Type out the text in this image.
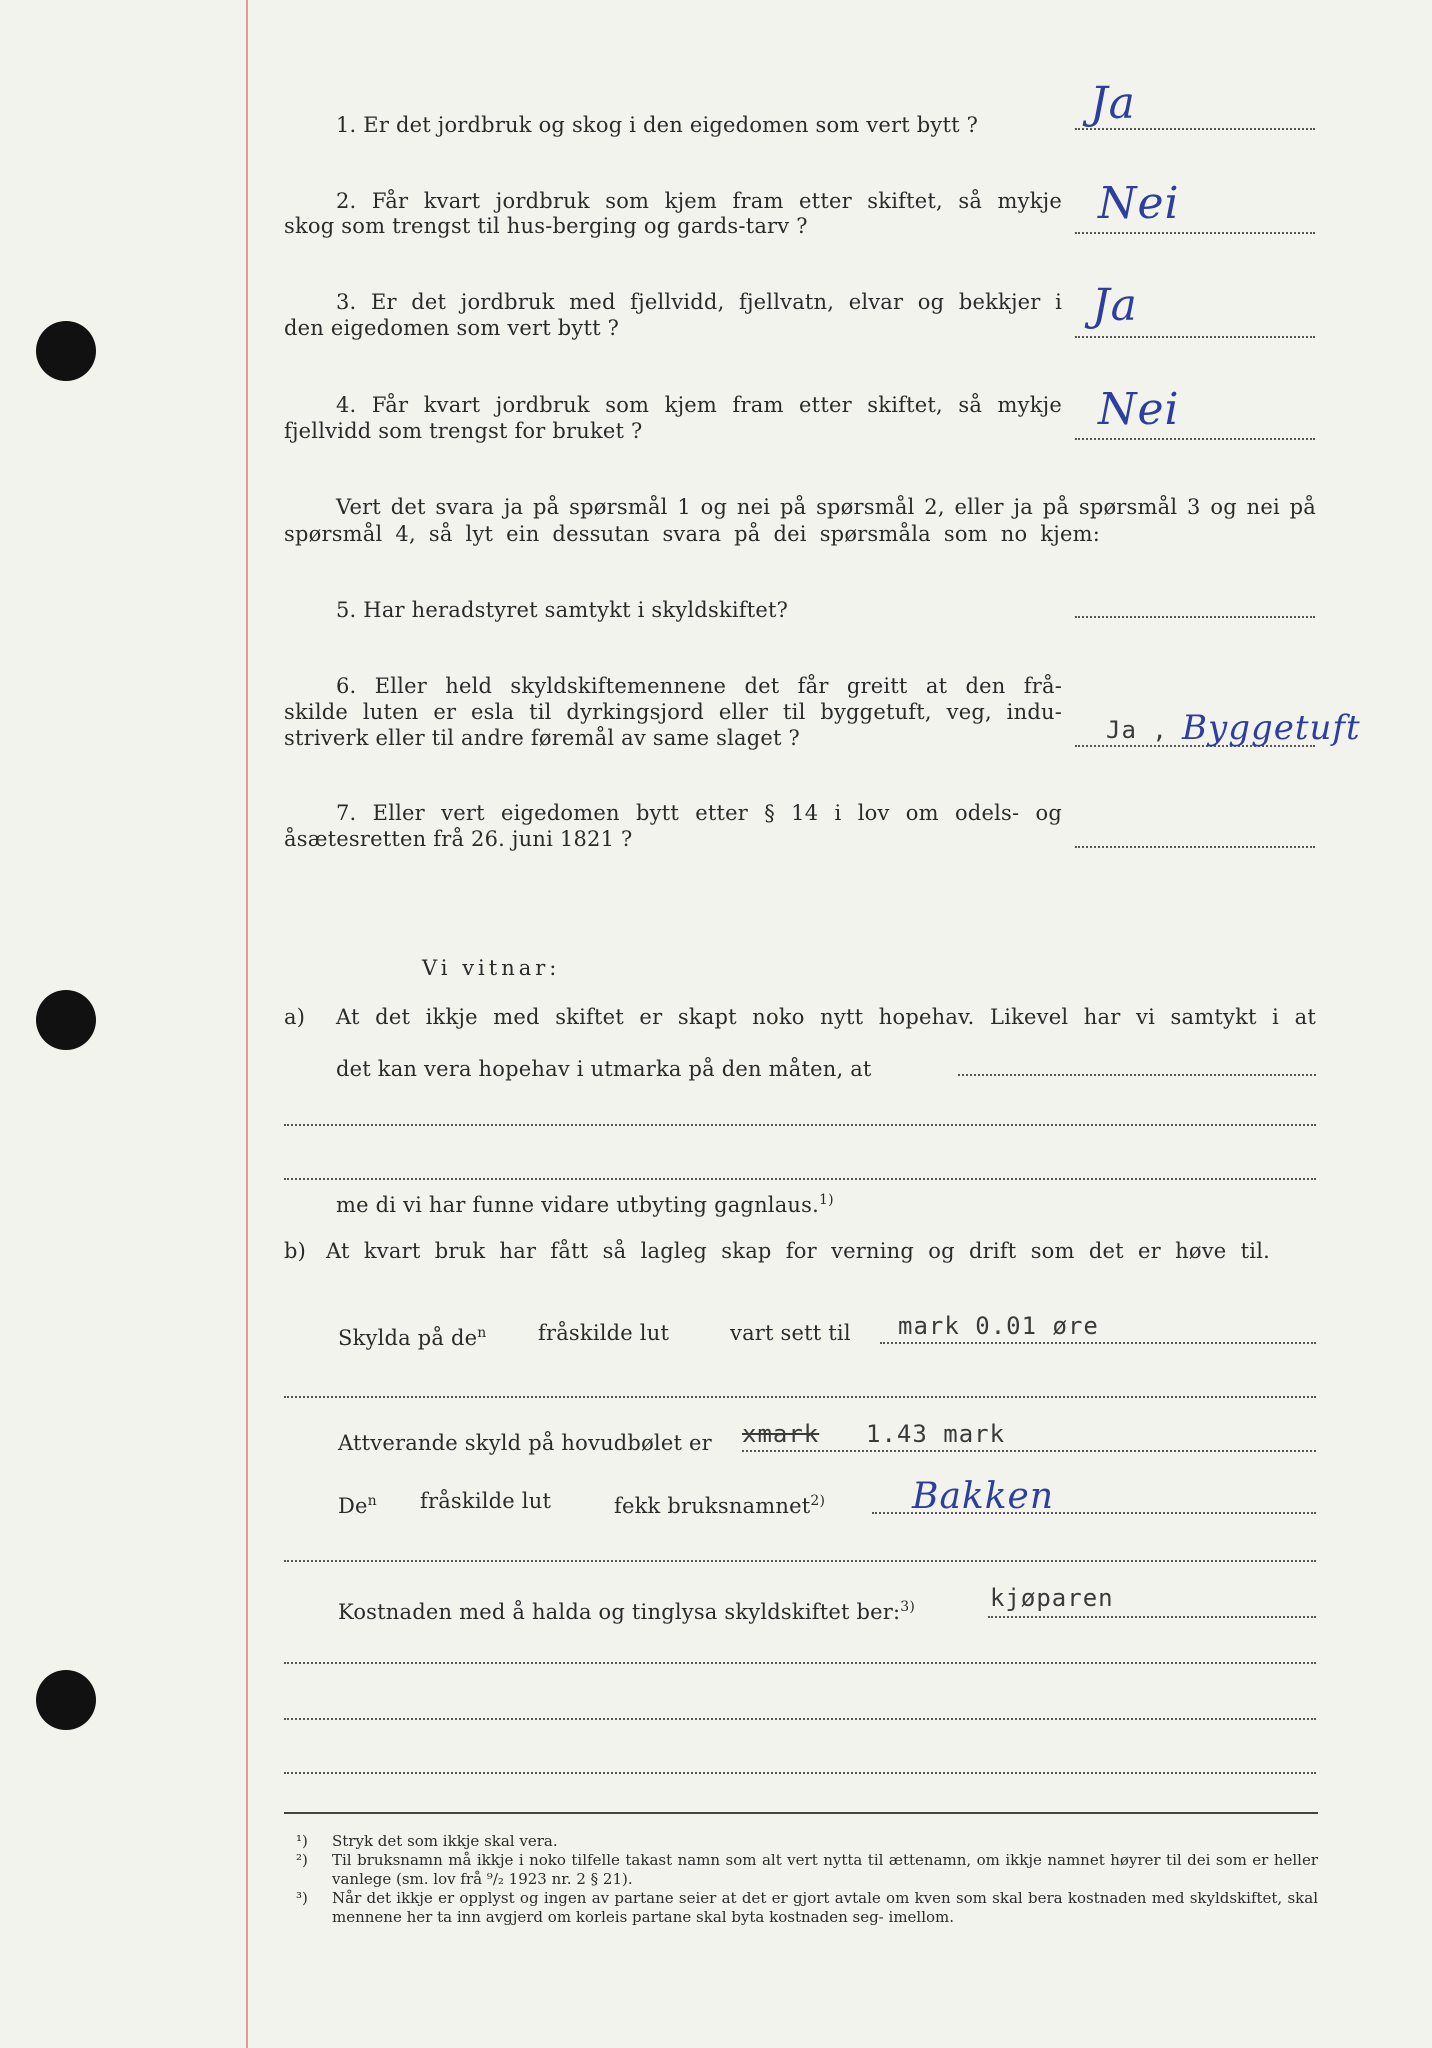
1. Er det jordbruk og skog i den eigedomen som vert bytt ?	Ja
2. Får kvart jordbruk som kjem fram etter skiftet, så mykje
skog som trengst til hus-berging og gards-tarv ?	Nei
3. Er det jordbruk med fjellvidd, fjellvatn, elvar og bekkjer i
den eigedomen som vert bytt ?	Ja
4. Får kvart jordbruk som kjem fram etter skiftet, så mykje
fjellvidd som trengst for bruket ?	Nei
Vert det svara ja på spørsmål 1 og nei på spørsmål 2, eller ja på spørsmål 3 og nei på
spørsmål 4, så lyt ein dessutan svara på dei spørsmåla som no kjem:
5. Har heradstyret samtykt i skyldskiftet?
6. Eller held skyldskiftemennene det får greitt at den frå-
skilde luten er esla til dyrkingsjord eller til byggetuft, veg, indu-
striverk eller til andre føremål av same slaget ?	Ja , Byggetuft
7. Eller vert eigedomen bytt etter § 14 i lov om odels- og
åsætesretten frå 26. juni 1821 ?
Vi vitnar:
a) At det ikkje med skiftet er skapt noko nytt hopehav. Likevel har vi samtykt i at
det kan vera hopehav i utmarka på den måten, at
me di vi har funne vidare utbyting gagnlaus.$^{1)}$
b) At kvart bruk har fått så lagleg skap for verning og drift som det er høve til.
Skylda på $de^n$ fråskilde lut	vart sett til mark 0.01 øre
Attverande skyld på hovudbølet er xmark 1.43 mark
De$^n$ fråskilde lut	fekk bruksnamnet$^{2)}$ Bakken
Kostnaden med å halda og tinglysa skyldskiftet ber:$^{3)}$	kjøparen
¹)	Stryk det som ikkje skal vera.
²)	Til bruksnamn må ikkje i noko tilfelle takast namn som alt vert nytta til ættenamn, om ikkje namnet høyrer til dei som er heller vanlege (sm. lov frå ⁹/₂ 1923 nr. 2 § 21).
³)	Når det ikkje er opplyst og ingen av partane seier at det er gjort avtale om kven som skal bera kostnaden med skyldskiftet, skal mennene her ta inn avgjerd om korleis partane skal byta kostnaden seg- imellom.
